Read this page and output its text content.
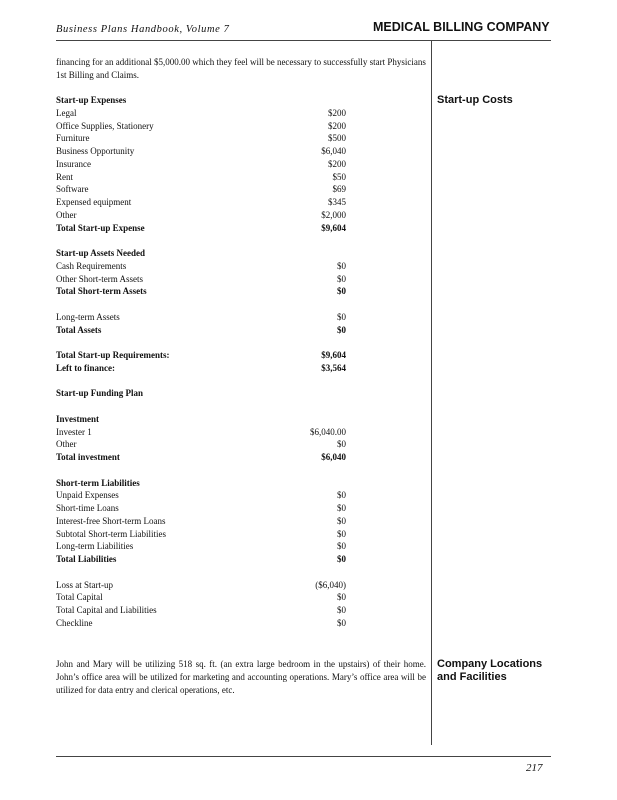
Business Plans Handbook, Volume 7	MEDICAL BILLING COMPANY

financing for an additional $5,000.00 which they feel will be necessary to successfully start Physicians 1st Billing and Claims.

Start-up Costs
Start-up Expenses
Legal	$200
Office Supplies, Stationery	$200
Furniture	$500
Business Opportunity	$6,040
Insurance	$200
Rent	$50
Software	$69
Expensed equipment	$345
Other	$2,000
Total Start-up Expense	$9,604
Start-up Assets Needed
Cash Requirements	$0
Other Short-term Assets	$0
Total Short-term Assets	$0
Long-term Assets	$0
Total Assets	$0
Total Start-up Requirements:	$9,604
Left to finance:	$3,564
Start-up Funding Plan
Investment
Invester 1	$6,040.00
Other	$0
Total investment	$6,040
Short-term Liabilities
Unpaid Expenses	$0
Short-time Loans	$0
Interest-free Short-term Loans	$0
Subtotal Short-term Liabilities	$0
Long-term Liabilities	$0
Total Liabilities	$0
Loss at Start-up	($6,040)
Total Capital	$0
Total Capital and Liabilities	$0
Checkline	$0

John and Mary will be utilizing 518 sq. ft. (an extra large bedroom in the upstairs) of their home. John’s office area will be utilized for marketing and accounting operations. Mary’s office area will be utilized for data entry and clerical operations, etc.

Company Locations
and Facilities
217
